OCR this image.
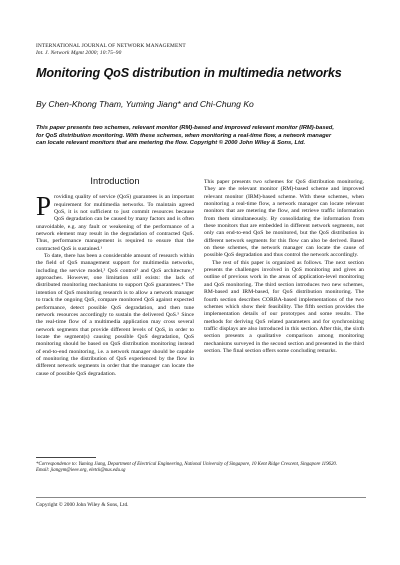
INTERNATIONAL JOURNAL OF NETWORK MANAGEMENT
Int. J. Network Mgmt 2000; 10:75–90
Monitoring QoS distribution in multimedia networks
By Chen-Khong Tham, Yuming Jiang* and Chi-Chung Ko
This paper presents two schemes, relevant monitor (RM)-based and improved relevant monitor (IRM)-based, for QoS distribution monitoring. With these schemes, when monitoring a real-time flow, a network manager can locate relevant monitors that are metering the flow. Copyright © 2000 John Wiley & Sons, Ltd.
Introduction

Providing quality of service (QoS) guarantees is an important requirement for multimedia networks. To maintain agreed QoS, it is not sufficient to just commit resources because QoS degradation can be caused by many factors and is often unavoidable, e.g. any fault or weakening of the performance of a network element may result in the degradation of contracted QoS. Thus, performance management is required to ensure that the contracted QoS is sustained.¹

To date, there has been a considerable amount of research within the field of QoS management support for multimedia networks, including the service model,² QoS control³ and QoS architecture,⁴ approaches. However, one limitation still exists: the lack of distributed monitoring mechanisms to support QoS guarantees.⁴ The intention of QoS monitoring research is to allow a network manager to track the ongoing QoS, compare monitored QoS against expected performance, detect possible QoS degradation, and then tune network resources accordingly to sustain the delivered QoS.⁵ Since the real-time flow of a multimedia application may cross several network segments that provide different levels of QoS, in order to locate the segment(s) causing possible QoS degradation, QoS monitoring should be based on QoS distribution monitoring instead of end-to-end monitoring, i.e. a network manager should be capable of monitoring the distribution of QoS experienced by the flow in different network segments in order that the manager can locate the cause of possible QoS degradation.

This paper presents two schemes for QoS distribution monitoring. They are the relevant monitor (RM)-based scheme and improved relevant monitor (IRM)-based scheme. With these schemes, when monitoring a real-time flow, a network manager can locate relevant monitors that are metering the flow, and retrieve traffic information from them simultaneously. By consolidating the information from these monitors that are embedded in different network segments, not only can end-to-end QoS be monitored, but the QoS distribution in different network segments for this flow can also be derived. Based on these schemes, the network manager can locate the cause of possible QoS degradation and thus control the network accordingly.

The rest of this paper is organized as follows. The next section presents the challenges involved in QoS monitoring and gives an outline of previous work in the areas of application-level monitoring and QoS monitoring. The third section introduces two new schemes, RM-based and IRM-based, for QoS distribution monitoring. The fourth section describes CORBA-based implementations of the two schemes which show their feasibility. The fifth section provides the implementation details of our prototypes and some results. The methods for deriving QoS related parameters and for synchronizing traffic displays are also introduced in this section. After this, the sixth section presents a qualitative comparison among monitoring mechanisms surveyed in the second section and presented in the third section. The final section offers some concluding remarks.

*Correspondence to: Yuming Jiang, Department of Electrical Engineering, National University of Singapore, 10 Kent Ridge Crescent, Singapore 119620.
Email: jiangym@ieee.org, eletck@nus.edu.sg
Copyright © 2000 John Wiley & Sons, Ltd.
